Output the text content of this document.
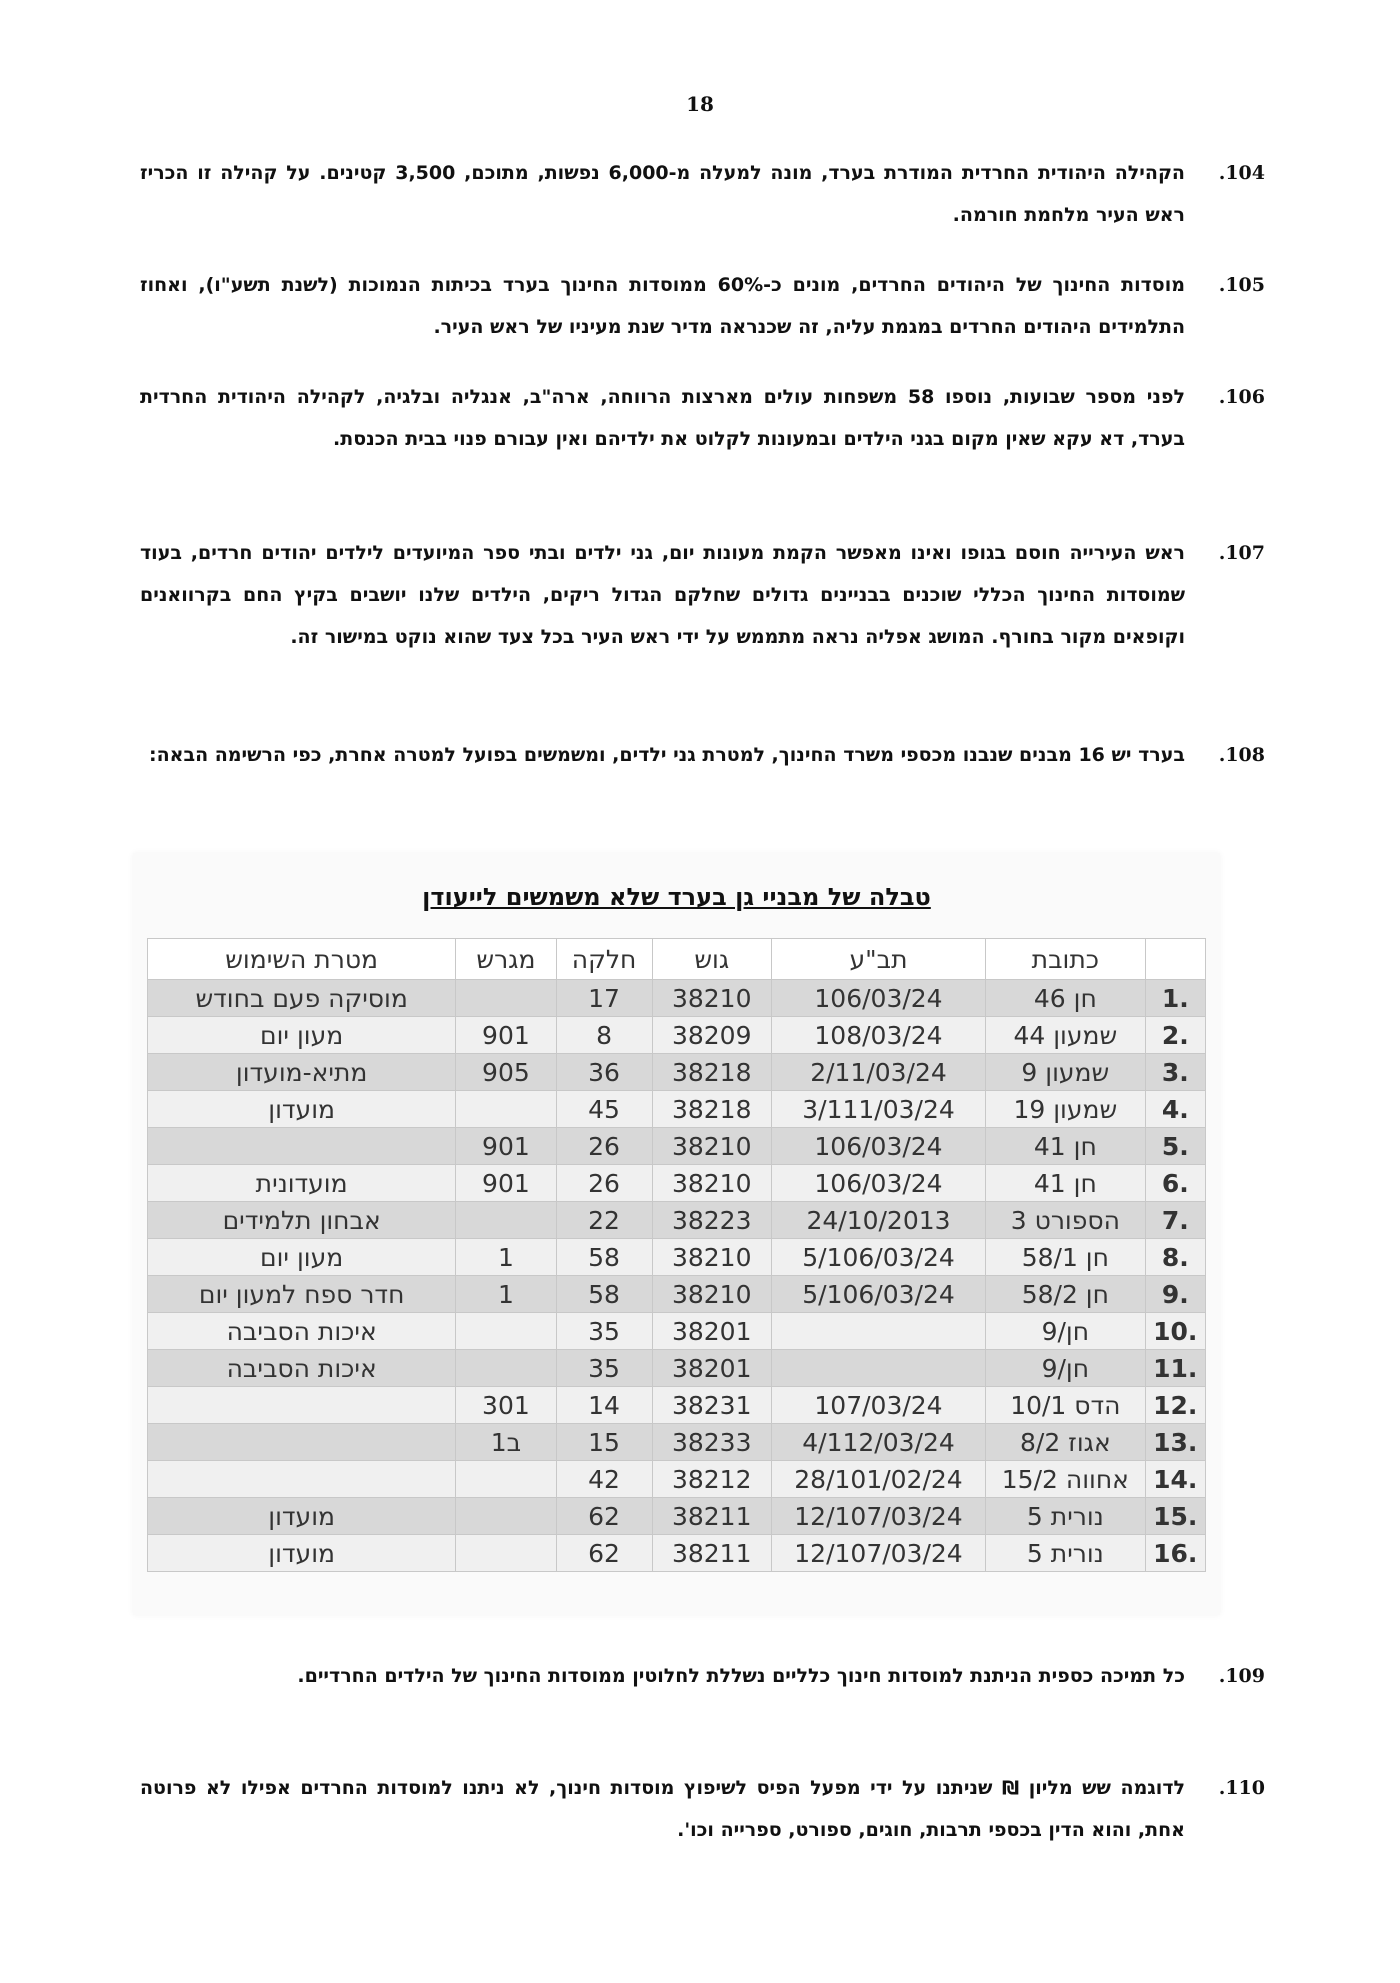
18
.104
הקהילה היהודית החרדית המודרת בערד, מונה למעלה מ-6,000 נפשות, מתוכם, 3,500 קטינים. על קהילה זו הכריז ראש העיר מלחמת חורמה.
.105
מוסדות החינוך של היהודים החרדים, מונים כ-60% ממוסדות החינוך בערד בכיתות הנמוכות (לשנת תשע"ו), ואחוז התלמידים היהודים החרדים במגמת עליה, זה שכנראה מדיר שנת מעיניו של ראש העיר.
.106
לפני מספר שבועות, נוספו 58 משפחות עולים מארצות הרווחה, ארה"ב, אנגליה ובלגיה, לקהילה היהודית החרדית בערד, דא עקא שאין מקום בגני הילדים ובמעונות לקלוט את ילדיהם ואין עבורם פנוי בבית הכנסת.
.107
ראש העירייה חוסם בגופו ואינו מאפשר הקמת מעונות יום, גני ילדים ובתי ספר המיועדים לילדים יהודים חרדים, בעוד שמוסדות החינוך הכללי שוכנים בבניינים גדולים שחלקם הגדול ריקים, הילדים שלנו יושבים בקיץ החם בקרוואנים וקופאים מקור בחורף. המושג אפליה נראה מתממש על ידי ראש העיר בכל צעד שהוא נוקט במישור זה.
.108
בערד יש 16 מבנים שנבנו מכספי משרד החינוך, למטרת גני ילדים, ומשמשים בפועל למטרה אחרת, כפי הרשימה הבאה:
טבלה של מבניי גן בערד שלא משמשים לייעודן
	כתובת	תב"ע	גוש	חלקה	מגרש	מטרת השימוש
1.	חן 46	106/03/24	38210	17		מוסיקה פעם בחודש
2.	שמעון 44	108/03/24	38209	8	901	מעון יום
3.	שמעון 9	2/11/03/24	38218	36	905	מתיא-מועדון
4.	שמעון 19	3/111/03/24	38218	45		מועדון
5.	חן 41	106/03/24	38210	26	901	
6.	חן 41	106/03/24	38210	26	901	מועדונית
7.	הספורט 3	24/10/2013	38223	22		אבחון תלמידים
8.	חן 58/1	5/106/03/24	38210	58	1	מעון יום
9.	חן 58/2	5/106/03/24	38210	58	1	חדר ספח למעון יום
10.	חן/9		38201	35		איכות הסביבה
11.	חן/9		38201	35		איכות הסביבה
12.	הדס 10/1	107/03/24	38231	14	301	
13.	אגוז 8/2	4/112/03/24	38233	15	ב1	
14.	אחווה 15/2	28/101/02/24	38212	42		
15.	נורית 5	12/107/03/24	38211	62		מועדון
16.	נורית 5	12/107/03/24	38211	62		מועדון
.109
כל תמיכה כספית הניתנת למוסדות חינוך כלליים נשללת לחלוטין ממוסדות החינוך של הילדים החרדיים.
.110
לדוגמה שש מליון ₪ שניתנו על ידי מפעל הפיס לשיפוץ מוסדות חינוך, לא ניתנו למוסדות החרדים אפילו לא פרוטה אחת, והוא הדין בכספי תרבות, חוגים, ספורט, ספרייה וכו'.
